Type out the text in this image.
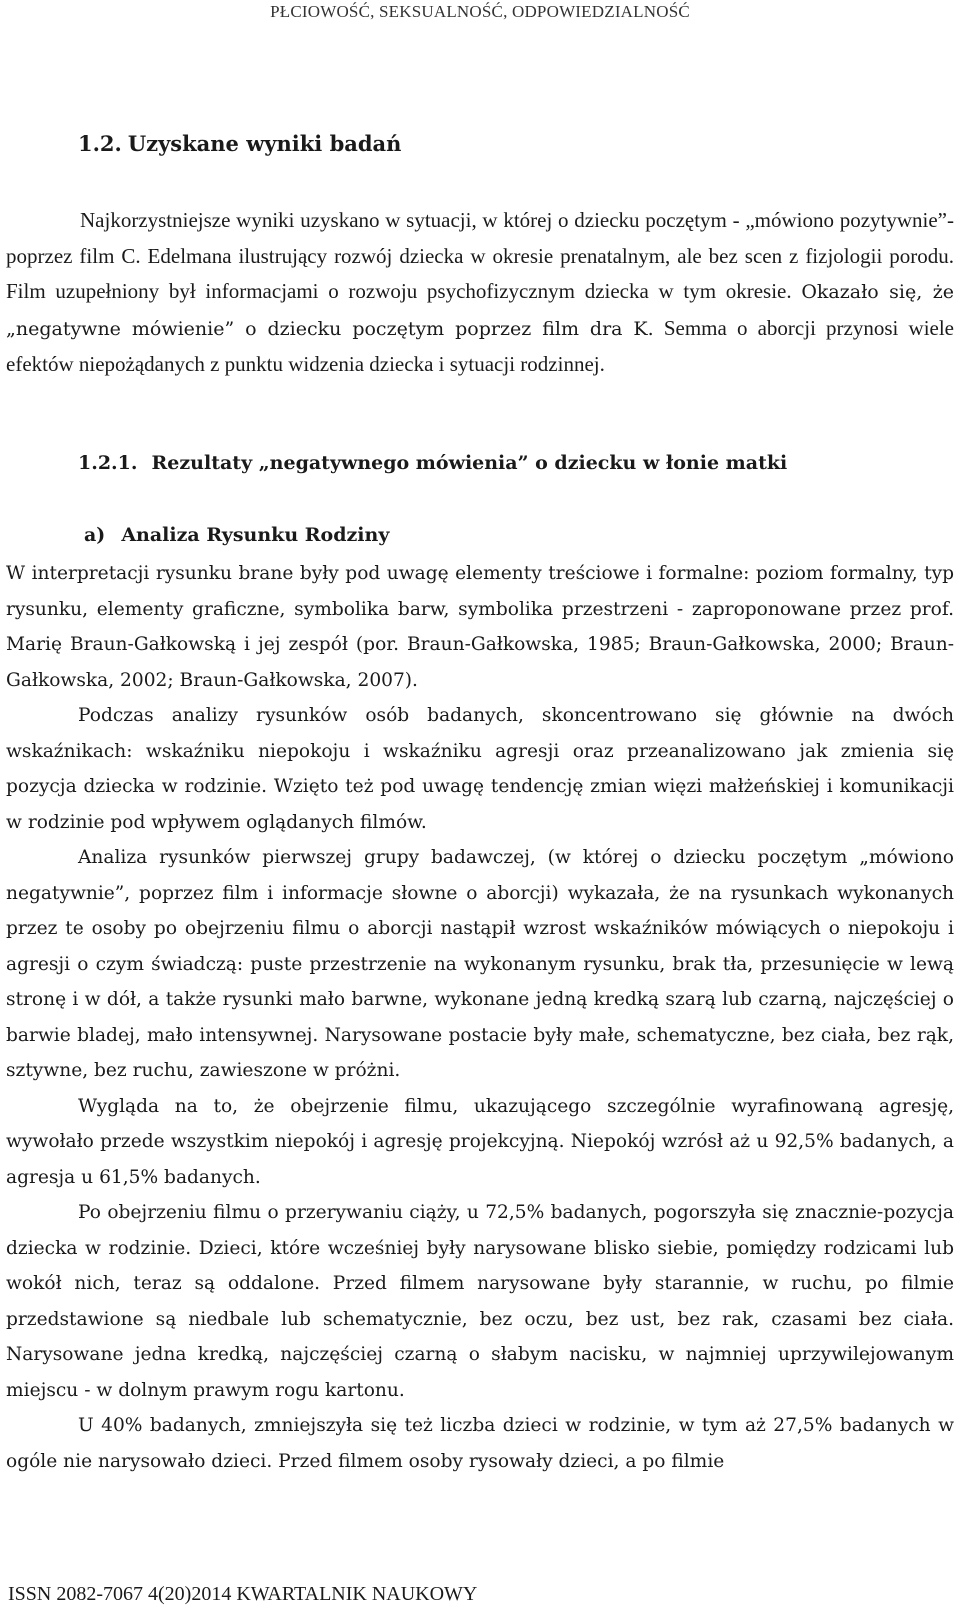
PŁCIOWOŚĆ, SEKSUALNOŚĆ, ODPOWIEDZIALNOŚĆ
1.2. Uzyskane wyniki badań

Najkorzystniejsze wyniki uzyskano w sytuacji, w której o dziecku poczętym - „mówiono pozytywnie”- poprzez film C. Edelmana ilustrujący rozwój dziecka w okresie prenatalnym, ale bez scen z fizjologii porodu. Film uzupełniony był informacjami o rozwoju psychofizycznym dziecka w tym okresie. Okazało się, że „negatywne mówienie” o dziecku poczętym poprzez film dra K. Semma o aborcji przynosi wiele efektów niepożądanych z punktu widzenia dziecka i sytuacji rodzinnej.

1.2.1. Rezultaty „negatywnego mówienia” o dziecku w łonie matki
a) Analiza Rysunku Rodziny

W interpretacji rysunku brane były pod uwagę elementy treściowe i formalne: poziom formalny, typ rysunku, elementy graficzne, symbolika barw, symbolika przestrzeni - zaproponowane przez prof. Marię Braun-Gałkowską i jej zespół (por. Braun-Gałkowska, 1985; Braun-Gałkowska, 2000; Braun-Gałkowska, 2002; Braun-Gałkowska, 2007).

Podczas analizy rysunków osób badanych, skoncentrowano się głównie na dwóch wskaźnikach: wskaźniku niepokoju i wskaźniku agresji oraz przeanalizowano jak zmienia się pozycja dziecka w rodzinie. Wzięto też pod uwagę tendencję zmian więzi małżeńskiej i komunikacji w rodzinie pod wpływem oglądanych filmów.

Analiza rysunków pierwszej grupy badawczej, (w której o dziecku poczętym „mówiono negatywnie”, poprzez film i informacje słowne o aborcji) wykazała, że na rysunkach wykonanych przez te osoby po obejrzeniu filmu o aborcji nastąpił wzrost wskaźników mówiących o niepokoju i agresji o czym świadczą: puste przestrzenie na wykonanym rysunku, brak tła, przesunięcie w lewą stronę i w dół, a także rysunki mało barwne, wykonane jedną kredką szarą lub czarną, najczęściej o barwie bladej, mało intensywnej. Narysowane postacie były małe, schematyczne, bez ciała, bez rąk, sztywne, bez ruchu, zawieszone w próżni.

Wygląda na to, że obejrzenie filmu, ukazującego szczególnie wyrafinowaną agresję, wywołało przede wszystkim niepokój i agresję projekcyjną. Niepokój wzrósł aż u 92,5% badanych, a agresja u 61,5% badanych.

Po obejrzeniu filmu o przerywaniu ciąży, u 72,5% badanych, pogorszyła się znacznie-pozycja dziecka w rodzinie. Dzieci, które wcześniej były narysowane blisko siebie, pomiędzy rodzicami lub wokół nich, teraz są oddalone. Przed filmem narysowane były starannie, w ruchu, po filmie przedstawione są niedbale lub schematycznie, bez oczu, bez ust, bez rak, czasami bez ciała. Narysowane jedna kredką, najczęściej czarną o słabym nacisku, w najmniej uprzywilejowanym miejscu - w dolnym prawym rogu kartonu.

U 40% badanych, zmniejszyła się też liczba dzieci w rodzinie, w tym aż 27,5% badanych w ogóle nie narysowało dzieci. Przed filmem osoby rysowały dzieci, a po filmie

ISSN 2082-7067 4(20)2014 KWARTALNIK NAUKOWY
